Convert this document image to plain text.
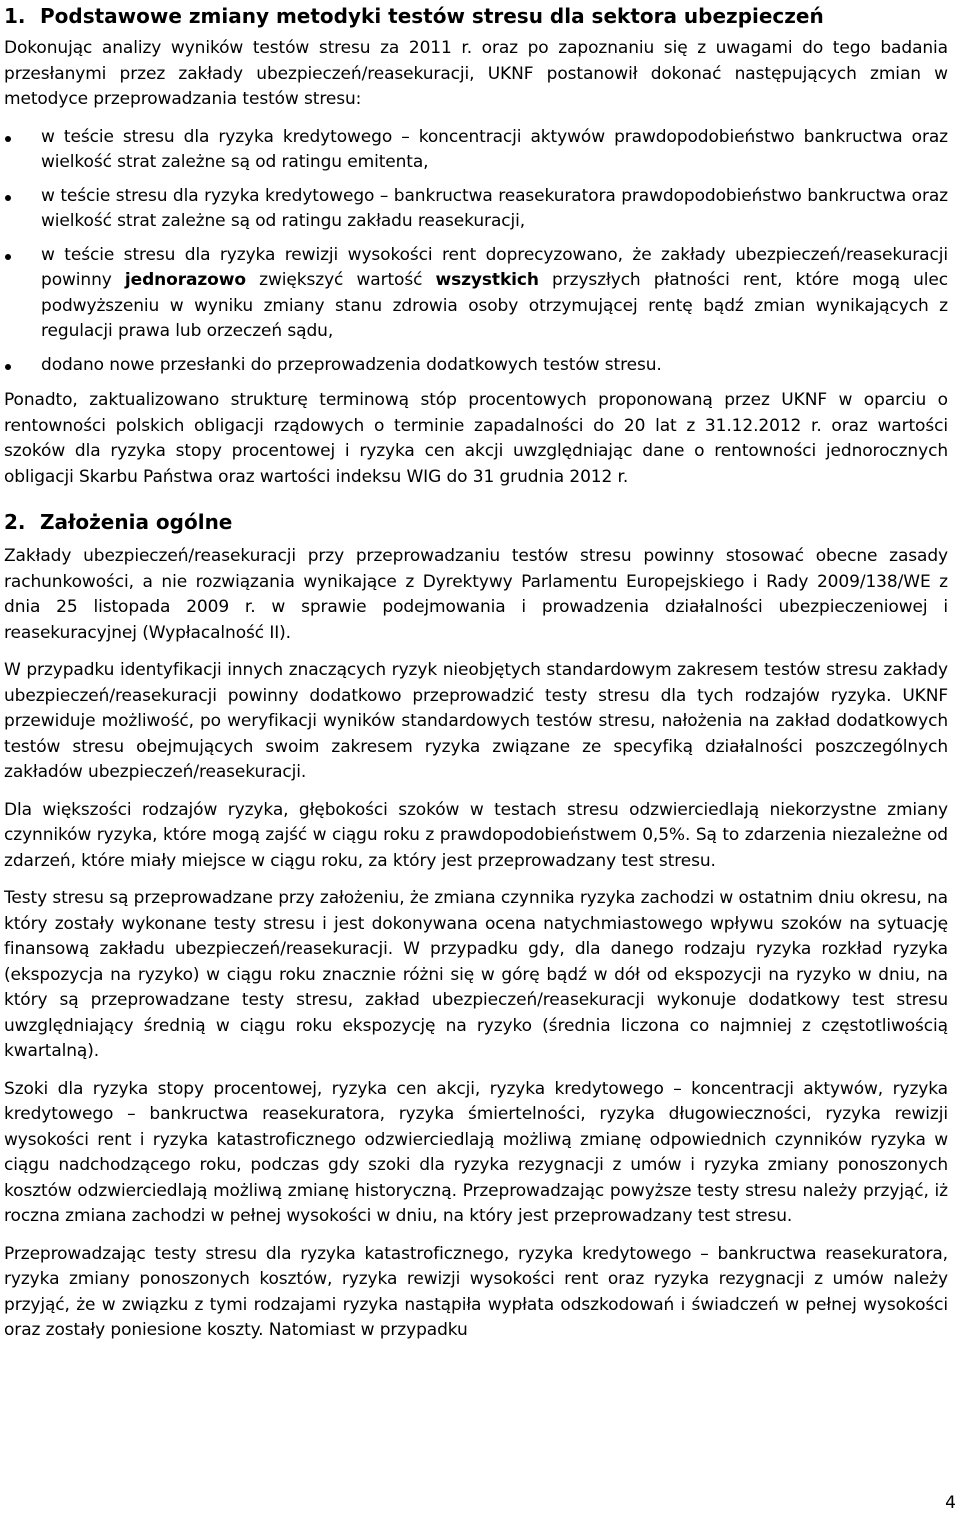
1. Podstawowe zmiany metodyki testów stresu dla sektora ubezpieczeń

Dokonując analizy wyników testów stresu za 2011 r. oraz po zapoznaniu się z uwagami do tego badania przesłanymi przez zakłady ubezpieczeń/reasekuracji, UKNF postanowił dokonać następujących zmian w metodyce przeprowadzania testów stresu:

w teście stresu dla ryzyka kredytowego – koncentracji aktywów prawdopodobieństwo bankructwa oraz wielkość strat zależne są od ratingu emitenta,
w teście stresu dla ryzyka kredytowego – bankructwa reasekuratora prawdopodobieństwo bankructwa oraz wielkość strat zależne są od ratingu zakładu reasekuracji,
w teście stresu dla ryzyka rewizji wysokości rent doprecyzowano, że zakłady ubezpieczeń/reasekuracji powinny jednorazowo zwiększyć wartość wszystkich przyszłych płatności rent, które mogą ulec podwyższeniu w wyniku zmiany stanu zdrowia osoby otrzymującej rentę bądź zmian wynikających z regulacji prawa lub orzeczeń sądu,
dodano nowe przesłanki do przeprowadzenia dodatkowych testów stresu.

Ponadto, zaktualizowano strukturę terminową stóp procentowych proponowaną przez UKNF w oparciu o rentowności polskich obligacji rządowych o terminie zapadalności do 20 lat z 31.12.2012 r. oraz wartości szoków dla ryzyka stopy procentowej i ryzyka cen akcji uwzględniając dane o rentowności jednorocznych obligacji Skarbu Państwa oraz wartości indeksu WIG do 31 grudnia 2012 r.

2. Założenia ogólne

Zakłady ubezpieczeń/reasekuracji przy przeprowadzaniu testów stresu powinny stosować obecne zasady rachunkowości, a nie rozwiązania wynikające z Dyrektywy Parlamentu Europejskiego i Rady 2009/138/WE z dnia 25 listopada 2009 r. w sprawie podejmowania i prowadzenia działalności ubezpieczeniowej i reasekuracyjnej (Wypłacalność II).

W przypadku identyfikacji innych znaczących ryzyk nieobjętych standardowym zakresem testów stresu zakłady ubezpieczeń/reasekuracji powinny dodatkowo przeprowadzić testy stresu dla tych rodzajów ryzyka. UKNF przewiduje możliwość, po weryfikacji wyników standardowych testów stresu, nałożenia na zakład dodatkowych testów stresu obejmujących swoim zakresem ryzyka związane ze specyfiką działalności poszczególnych zakładów ubezpieczeń/reasekuracji.

Dla większości rodzajów ryzyka, głębokości szoków w testach stresu odzwierciedlają niekorzystne zmiany czynników ryzyka, które mogą zajść w ciągu roku z prawdopodobieństwem 0,5%. Są to zdarzenia niezależne od zdarzeń, które miały miejsce w ciągu roku, za który jest przeprowadzany test stresu.

Testy stresu są przeprowadzane przy założeniu, że zmiana czynnika ryzyka zachodzi w ostatnim dniu okresu, na który zostały wykonane testy stresu i jest dokonywana ocena natychmiastowego wpływu szoków na sytuację finansową zakładu ubezpieczeń/reasekuracji. W przypadku gdy, dla danego rodzaju ryzyka rozkład ryzyka (ekspozycja na ryzyko) w ciągu roku znacznie różni się w górę bądź w dół od ekspozycji na ryzyko w dniu, na który są przeprowadzane testy stresu, zakład ubezpieczeń/reasekuracji wykonuje dodatkowy test stresu uwzględniający średnią w ciągu roku ekspozycję na ryzyko (średnia liczona co najmniej z częstotliwością kwartalną).

Szoki dla ryzyka stopy procentowej, ryzyka cen akcji, ryzyka kredytowego – koncentracji aktywów, ryzyka kredytowego – bankructwa reasekuratora, ryzyka śmiertelności, ryzyka długowieczności, ryzyka rewizji wysokości rent i ryzyka katastroficznego odzwierciedlają możliwą zmianę odpowiednich czynników ryzyka w ciągu nadchodzącego roku, podczas gdy szoki dla ryzyka rezygnacji z umów i ryzyka zmiany ponoszonych kosztów odzwierciedlają możliwą zmianę historyczną. Przeprowadzając powyższe testy stresu należy przyjąć, iż roczna zmiana zachodzi w pełnej wysokości w dniu, na który jest przeprowadzany test stresu.

Przeprowadzając testy stresu dla ryzyka katastroficznego, ryzyka kredytowego – bankructwa reasekuratora, ryzyka zmiany ponoszonych kosztów, ryzyka rewizji wysokości rent oraz ryzyka rezygnacji z umów należy przyjąć, że w związku z tymi rodzajami ryzyka nastąpiła wypłata odszkodowań i świadczeń w pełnej wysokości oraz zostały poniesione koszty. Natomiast w przypadku

4
